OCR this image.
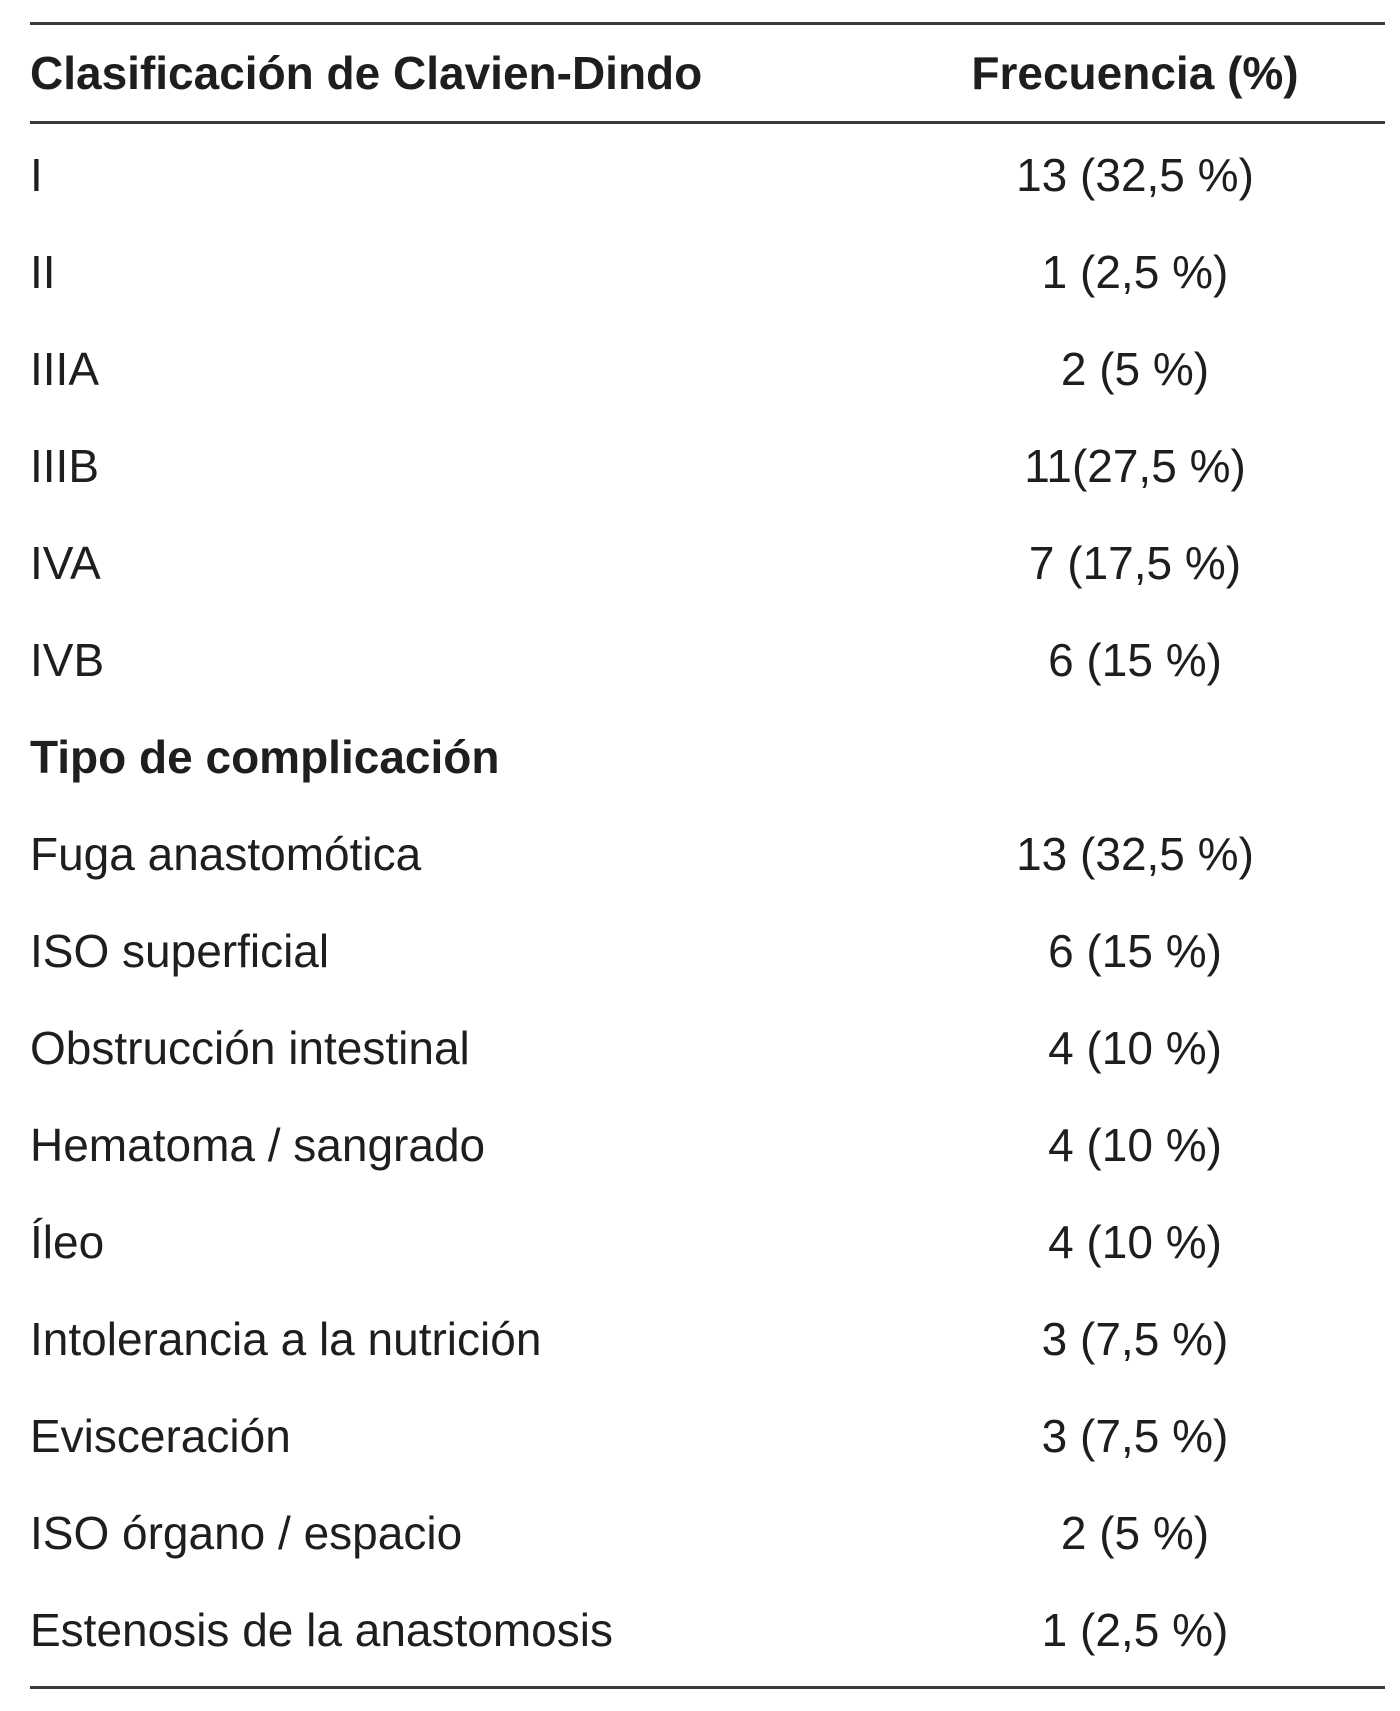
Clasificación de Clavien-Dindo	Frecuencia (%)
I	13 (32,5 %)
II	1 (2,5 %)
IIIA	2 (5 %)
IIIB	11(27,5 %)
IVA	7 (17,5 %)
IVB	6 (15 %)
Tipo de complicación
Fuga anastomótica	13 (32,5 %)
ISO superficial	6 (15 %)
Obstrucción intestinal	4 (10 %)
Hematoma / sangrado	4 (10 %)
Íleo	4 (10 %)
Intolerancia a la nutrición	3 (7,5 %)
Evisceración	3 (7,5 %)
ISO órgano / espacio	2 (5 %)
Estenosis de la anastomosis	1 (2,5 %)
